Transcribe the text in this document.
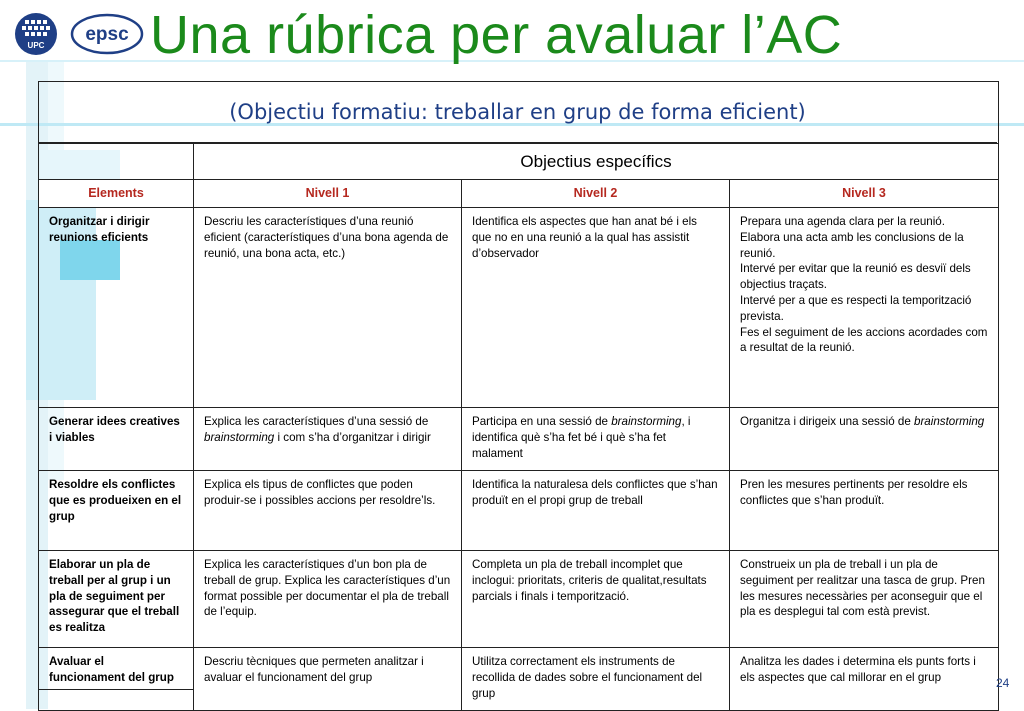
UPC
epsc Una rúbrica per avaluar l’AC
(Objectiu formatiu: treballar en grup de forma eficient)
	Objectius específics		
Elements	Nivell 1	Nivell 2	Nivell 3
Organitzar i dirigir reunions eficients	Descriu les característiques d’una reunió eficient (característiques d’una bona agenda de reunió, una bona acta, etc.)	Identifica els aspectes que han anat bé i els que no en una reunió a la qual has assistit d’observador	Prepara una agenda clara per la reunió.
Elabora una acta amb les conclusions de la reunió.
Intervé per evitar que la reunió es desviï dels objectius traçats.
Intervé per a que es respecti la temporització prevista.
Fes el seguiment de les accions acordades com a resultat de la reunió.

Generar idees creatives i viables	Explica les característiques d’una sessió de brainstorming i com s’ha d’organitzar i dirigir	Participa en una sessió de brainstorming, i identifica què s’ha fet bé i què s’ha fet malament	Organitza i dirigeix una sessió de brainstorming
Resoldre els conflictes que es produeixen en el grup	Explica els tipus de conflictes que poden produir-se i possibles accions per resoldre’ls.	Identifica la naturalesa dels conflictes que s’han produït en el propi grup de treball	Pren les mesures pertinents per resoldre els conflictes que s’han produït.
Elaborar un pla de treball per al grup i un pla de seguiment per assegurar que el treball es realitza	Explica les característiques d’un bon pla de treball de grup. Explica les característiques d’un format possible per documentar el pla de treball de l’equip.	Completa un pla de treball incomplet que inclogui: prioritats, criteris de qualitat,resultats parcials i finals i temporització.	Construeix un pla de treball i un pla de seguiment per realitzar una tasca de grup. Pren les mesures necessàries per aconseguir que el pla es desplegui tal com està previst.
Avaluar el funcionament del grup	Descriu tècniques que permeten analitzar i avaluar el funcionament del grup	Utilitza correctament els instruments de recollida de dades sobre el funcionament del grup	Analitza les dades i determina els punts forts i els aspectes que cal millorar en el grup	24
